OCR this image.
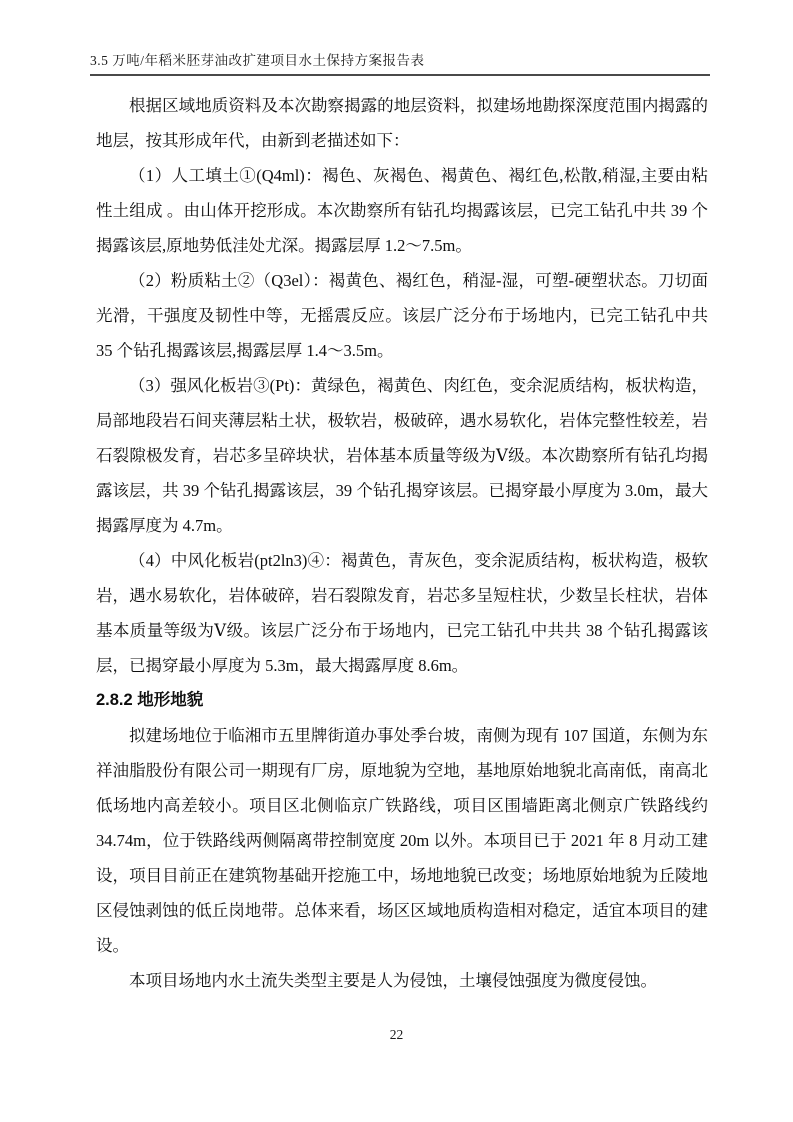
3.5 万吨/年稻米胚芽油改扩建项目水土保持方案报告表

根据区域地质资料及本次勘察揭露的地层资料，拟建场地勘探深度范围内揭露的地层，按其形成年代，由新到老描述如下：

（1）人工填土①(Q4ml)：褐色、灰褐色、褐黄色、褐红色,松散,稍湿,主要由粘性土组成 。由山体开挖形成。本次勘察所有钻孔均揭露该层，已完工钻孔中共 39 个揭露该层,原地势低洼处尤深。揭露层厚 1.2～7.5m。

（2）粉质粘土②（Q3el）：褐黄色、褐红色，稍湿-湿，可塑-硬塑状态。刀切面光滑，干强度及韧性中等，无摇震反应。该层广泛分布于场地内，已完工钻孔中共 35 个钻孔揭露该层,揭露层厚 1.4～3.5m。

（3）强风化板岩③(Pt)：黄绿色，褐黄色、肉红色，变余泥质结构，板状构造，局部地段岩石间夹薄层粘土状，极软岩，极破碎，遇水易软化，岩体完整性较差，岩石裂隙极发育，岩芯多呈碎块状，岩体基本质量等级为Ⅴ级。本次勘察所有钻孔均揭露该层，共 39 个钻孔揭露该层，39 个钻孔揭穿该层。已揭穿最小厚度为 3.0m，最大揭露厚度为 4.7m。

（4）中风化板岩(pt2ln3)④：褐黄色，青灰色，变余泥质结构，板状构造，极软岩，遇水易软化，岩体破碎，岩石裂隙发育，岩芯多呈短柱状，少数呈长柱状，岩体基本质量等级为Ⅴ级。该层广泛分布于场地内，已完工钻孔中共共 38 个钻孔揭露该层，已揭穿最小厚度为 5.3m，最大揭露厚度 8.6m。

2.8.2 地形地貌

拟建场地位于临湘市五里牌街道办事处季台坡，南侧为现有 107 国道，东侧为东祥油脂股份有限公司一期现有厂房，原地貌为空地，基地原始地貌北高南低，南高北低场地内高差较小。项目区北侧临京广铁路线，项目区围墙距离北侧京广铁路线约 34.74m，位于铁路线两侧隔离带控制宽度 20m 以外。本项目已于 2021 年 8 月动工建设，项目目前正在建筑物基础开挖施工中，场地地貌已改变；场地原始地貌为丘陵地区侵蚀剥蚀的低丘岗地带。总体来看，场区区域地质构造相对稳定，适宜本项目的建设。

本项目场地内水土流失类型主要是人为侵蚀，土壤侵蚀强度为微度侵蚀。

22
